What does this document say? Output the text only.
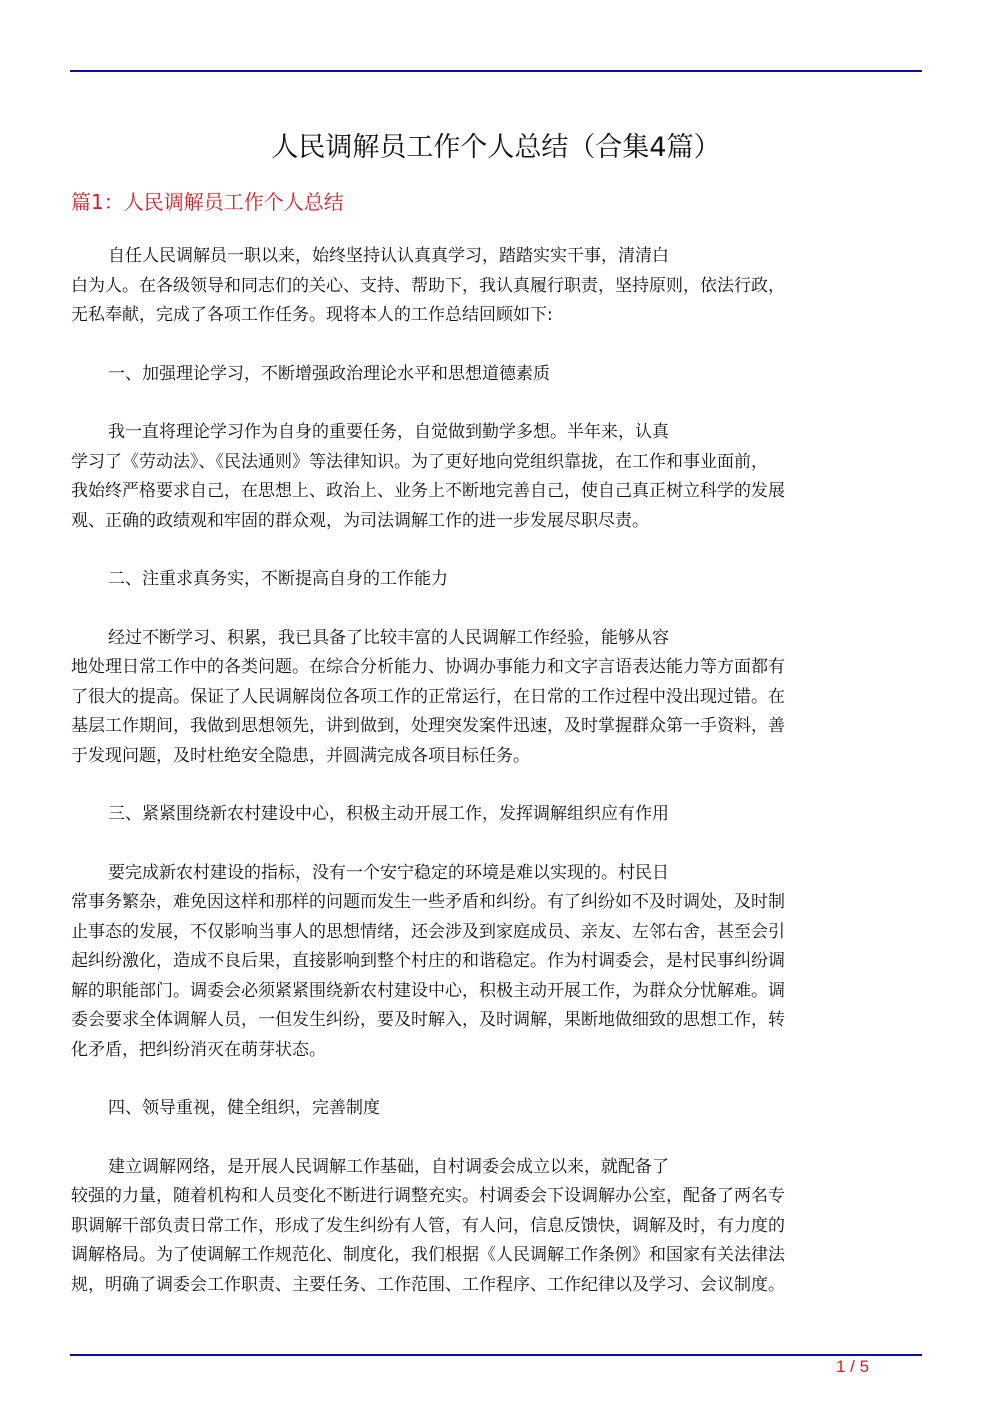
人民调解员工作个人总结（合集4篇）
篇1：人民调解员工作个人总结

自任人民调解员一职以来，始终坚持认认真真学习，踏踏实实干事，清清白
白为人。在各级领导和同志们的关心、支持、帮助下，我认真履行职责，坚持原则，依法行政，
无私奉献，完成了各项工作任务。现将本人的工作总结回顾如下:

一、加强理论学习，不断增强政治理论水平和思想道德素质

我一直将理论学习作为自身的重要任务，自觉做到勤学多想。半年来，认真
学习了《劳动法》、《民法通则》等法律知识。为了更好地向党组织靠拢，在工作和事业面前，
我始终严格要求自己，在思想上、政治上、业务上不断地完善自己，使自己真正树立科学的发展
观、正确的政绩观和牢固的群众观，为司法调解工作的进一步发展尽职尽责。

二、注重求真务实，不断提高自身的工作能力

经过不断学习、积累，我已具备了比较丰富的人民调解工作经验，能够从容
地处理日常工作中的各类问题。在综合分析能力、协调办事能力和文字言语表达能力等方面都有
了很大的提高。保证了人民调解岗位各项工作的正常运行，在日常的工作过程中没出现过错。在
基层工作期间，我做到思想领先，讲到做到，处理突发案件迅速，及时掌握群众第一手资料，善
于发现问题，及时杜绝安全隐患，并圆满完成各项目标任务。

三、紧紧围绕新农村建设中心，积极主动开展工作，发挥调解组织应有作用

要完成新农村建设的指标，没有一个安宁稳定的环境是难以实现的。村民日
常事务繁杂，难免因这样和那样的问题而发生一些矛盾和纠纷。有了纠纷如不及时调处，及时制
止事态的发展，不仅影响当事人的思想情绪，还会涉及到家庭成员、亲友、左邻右舍，甚至会引
起纠纷激化，造成不良后果，直接影响到整个村庄的和谐稳定。作为村调委会，是村民事纠纷调
解的职能部门。调委会必须紧紧围绕新农村建设中心，积极主动开展工作，为群众分忧解难。调
委会要求全体调解人员，一但发生纠纷，要及时解入，及时调解，果断地做细致的思想工作，转
化矛盾，把纠纷消灭在萌芽状态。

四、领导重视，健全组织，完善制度

建立调解网络，是开展人民调解工作基础，自村调委会成立以来，就配备了
较强的力量，随着机构和人员变化不断进行调整充实。村调委会下设调解办公室，配备了两名专
职调解干部负责日常工作，形成了发生纠纷有人管，有人问，信息反馈快，调解及时，有力度的
调解格局。为了使调解工作规范化、制度化，我们根据《人民调解工作条例》和国家有关法律法
规，明确了调委会工作职责、主要任务、工作范围、工作程序、工作纪律以及学习、会议制度。

1 / 5
